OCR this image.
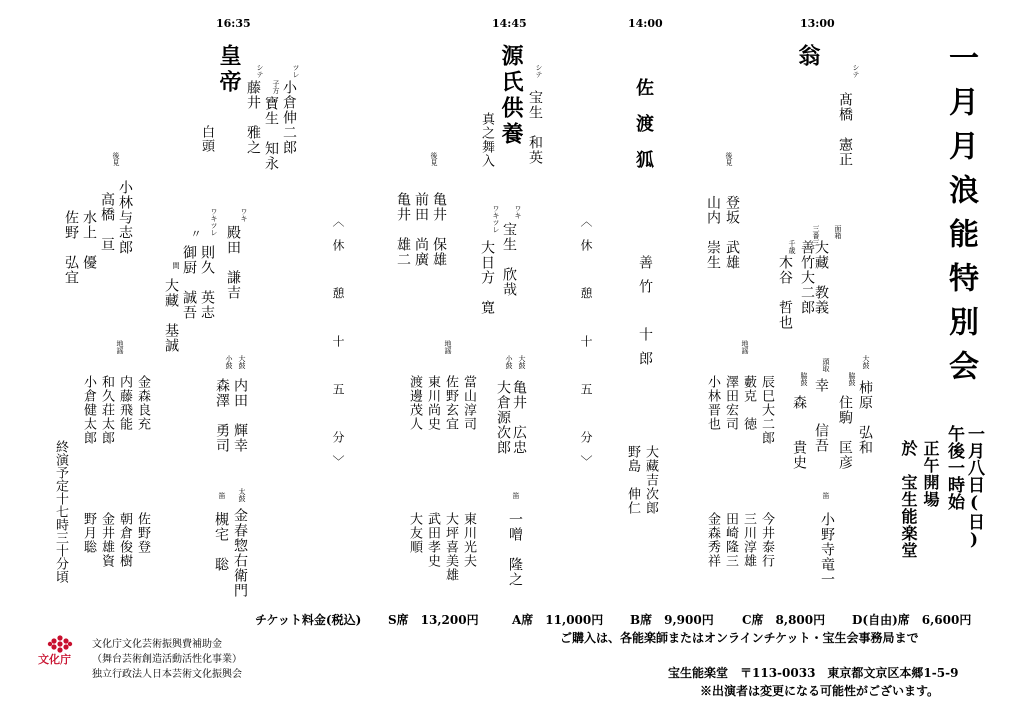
一月月浪能特別会
一月八日(日)
午後一時始
正午開場
於　宝生能楽堂
13:00
14:00
14:45
16:35
翁
シテ
髙橋　憲正
面箱
大藏　教義
三番三
善竹大二郎
千歳
木谷　哲也
後見
登坂　武雄
山内　崇生
頭取
幸　　信吾
脇鼓
森　　貴史
大鼓
柿原　弘和
脇鼓
住駒　匡彦
笛
小野寺竜一
地謡
辰巳大二郎
藪克　徳
澤田宏司
小林晋也
今井泰行
三川淳雄
田崎隆三
金森秀祥
佐渡狐
善竹　十郎
大藏吉次郎
野島　伸仁
〈休　憩　十　五　分〉
源氏供養 シテ
宝生　和英
真之舞入
ワキ
宝生　欣哉
ワキツレ
大日方　寛
後見
亀井　保雄
前田　尚廣
亀井　雄二
大鼓
亀井　広忠
小鼓
大倉源次郎
笛
一噌　隆之
地謡
當山淳司
佐野玄宜
東川尚史
渡邊茂人
東川光夫
大坪喜美雄
武田孝史
大友順
〈休　憩　十　五　分〉
皇帝	ツレ
小倉伸二郎
子方
寶生　知永
シテ
藤井　雅之
白頭
ワキ
殿田　謙吉
ワキツレ
則久　英志
〃
御厨　誠吾
間
大藏　基誠
後見
小林与志郎
高橋　亘
水上　優
佐野　弘宜
大鼓
内田　輝幸
小鼓
森澤　勇司
太鼓
金春惣右衛門
笛
槻宅　聡
地謡
金森良充
内藤飛能
和久荘太郎
小倉健太郎
佐野登
朝倉俊樹
金井雄資
野月聡
終演予定十七時三十分頃
チケット料金(税込) S席　13,200円	A席　11,000円 B席　9,900円 C席　8,800円 D(自由)席　6,600円
ご購入は、各能楽師またはオンラインチケット・宝生会事務局まで
宝生能楽堂　〒113-0033　東京都文京区本郷1-5-9
※出演者は変更になる可能性がございます。
文化庁文化芸術振興費補助金
（舞台芸術創造活動活性化事業）
独立行政法人日本芸術文化振興会
文化庁
